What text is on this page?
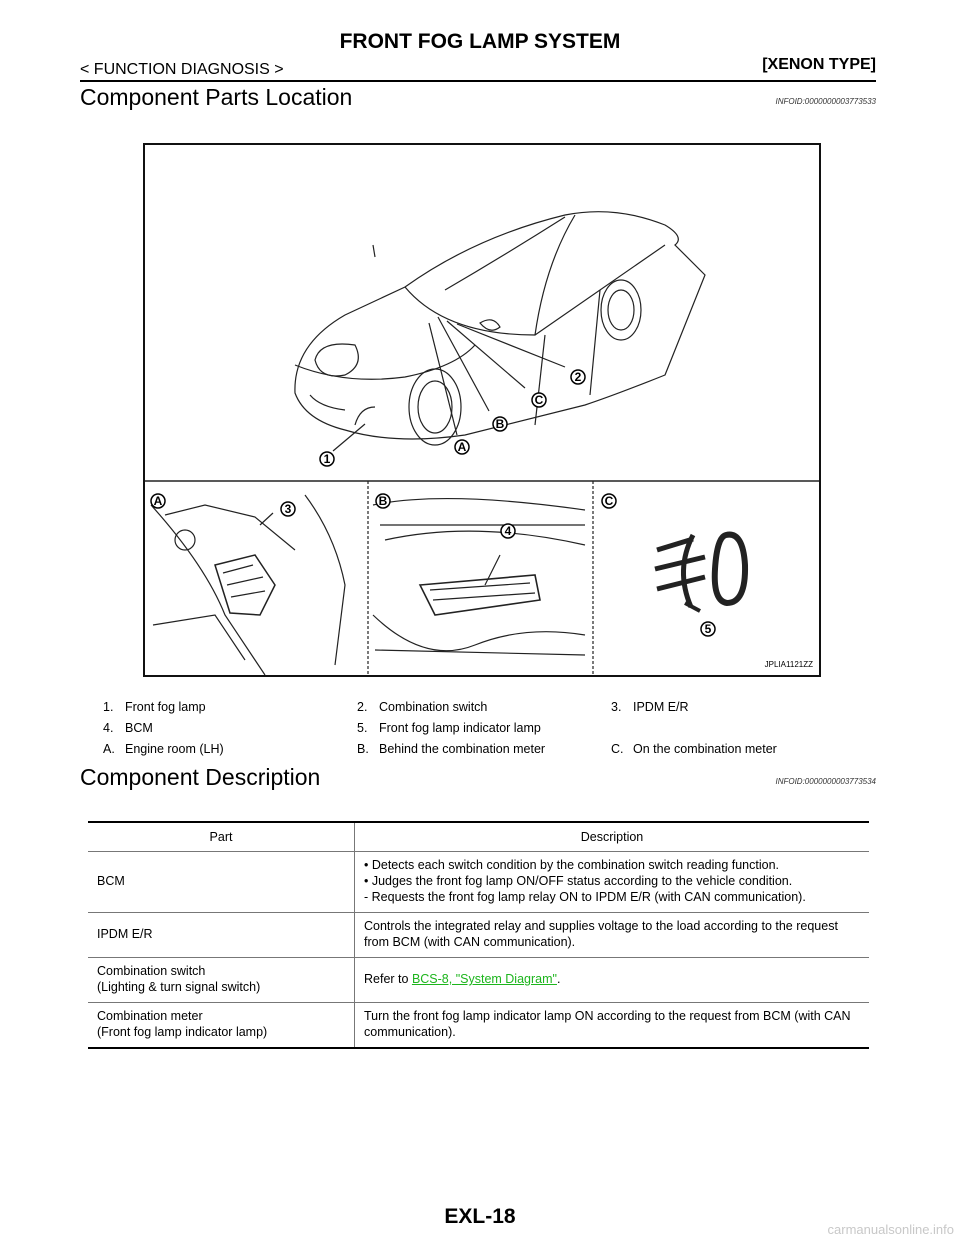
FRONT FOG LAMP SYSTEM
< FUNCTION DIAGNOSIS >	[XENON TYPE]
Component Parts Location	INFOID:0000000003773533
1
2
3
4
5
A
B
C
A	B	C
JPLIA1121ZZ
1. Front fog lamp	2. Combination switch	3. IPDM E/R
4. BCM	5. Front fog lamp indicator lamp
A. Engine room (LH)	B. Behind the combination meter	C. On the combination meter
Component Description	INFOID:0000000003773534
Part	Description
BCM	• Detects each switch condition by the combination switch reading function.
• Judges the front fog lamp ON/OFF status according to the vehicle condition.
- Requests the front fog lamp relay ON to IPDM E/R (with CAN communication).

IPDM E/R	Controls the integrated relay and supplies voltage to the load according to the request from BCM (with CAN communication).

Combination switch
(Lighting & turn signal switch)	Refer to BCS-8, "System Diagram".

Combination meter
(Front fog lamp indicator lamp)	Turn the front fog lamp indicator lamp ON according to the request from BCM (with CAN communication).
EXL-18
carmanualsonline.info
